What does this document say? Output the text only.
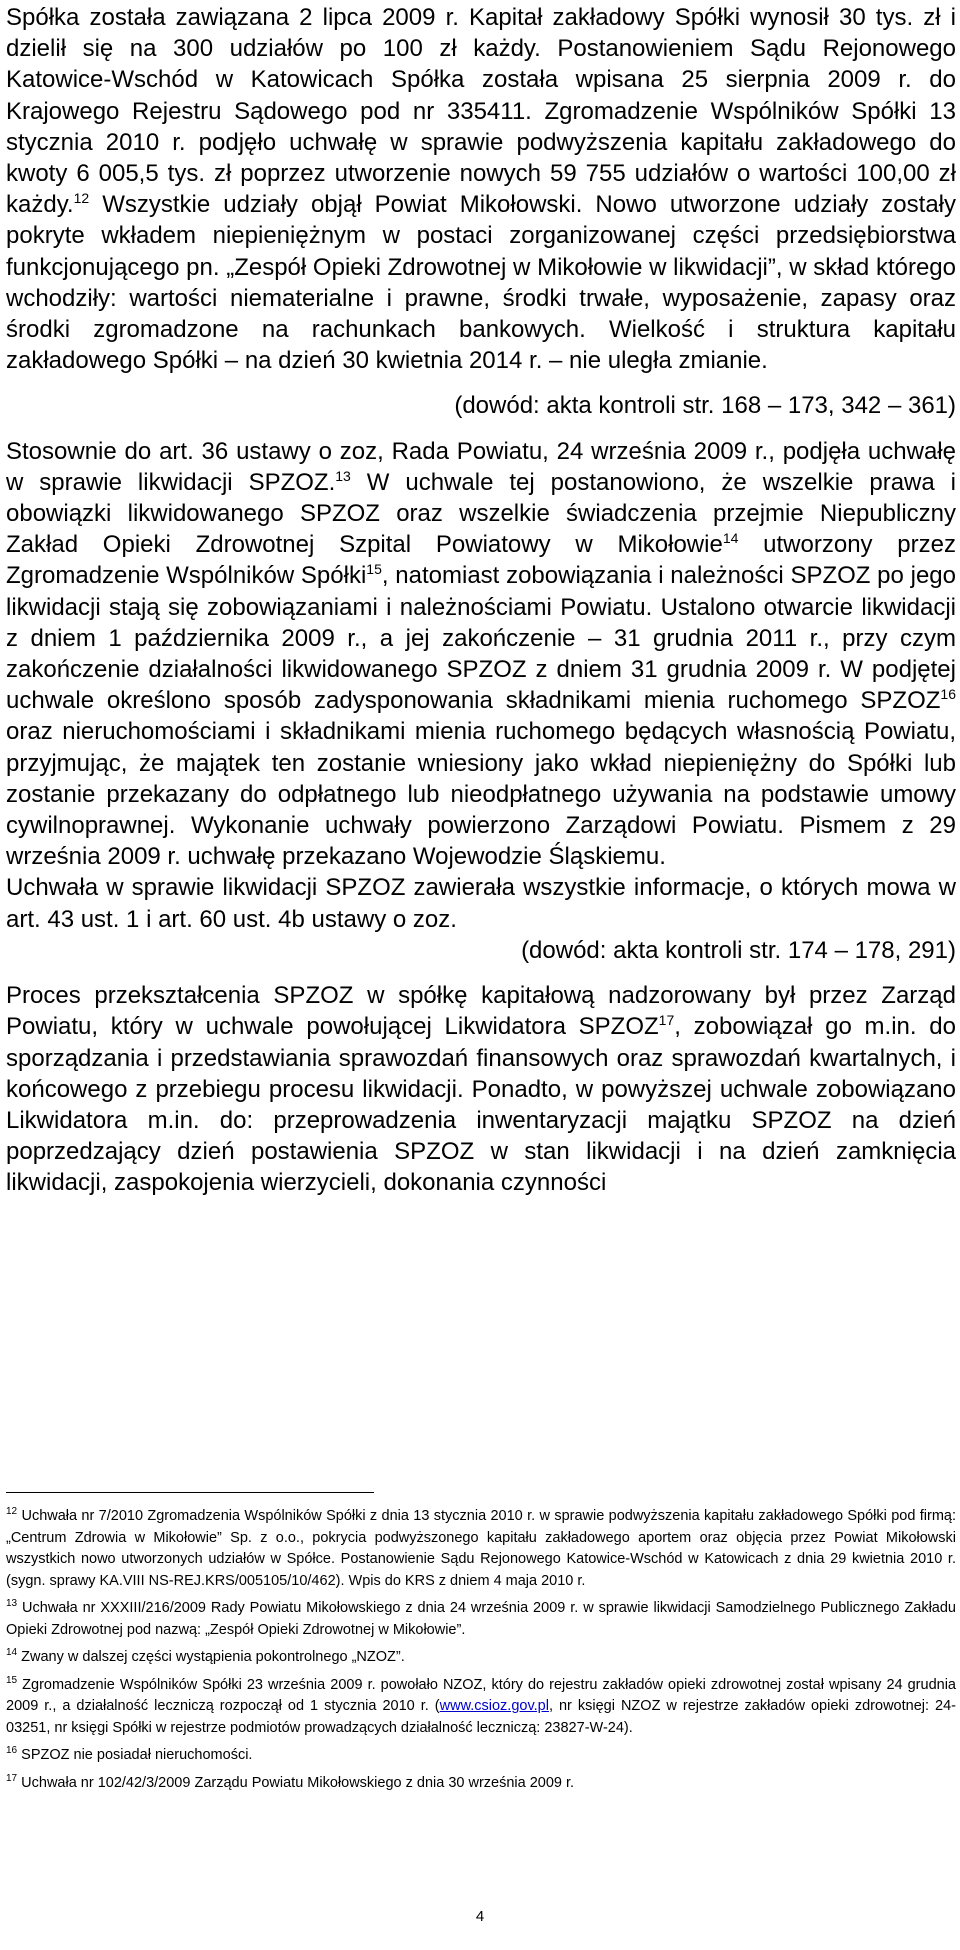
Spółka została zawiązana 2 lipca 2009 r. Kapitał zakładowy Spółki wynosił 30 tys. zł i dzielił się na 300 udziałów po 100 zł każdy. Postanowieniem Sądu Rejonowego Katowice-Wschód w Katowicach Spółka została wpisana 25 sierpnia 2009 r. do Krajowego Rejestru Sądowego pod nr 335411. Zgromadzenie Wspólników Spółki 13 stycznia 2010 r. podjęło uchwałę w sprawie podwyższenia kapitału zakładowego do kwoty 6 005,5 tys. zł poprzez utworzenie nowych 59 755 udziałów o wartości 100,00 zł każdy.$^{12}$ Wszystkie udziały objął Powiat Mikołowski. Nowo utworzone udziały zostały pokryte wkładem niepieniężnym w postaci zorganizowanej części przedsiębiorstwa funkcjonującego pn. „Zespół Opieki Zdrowotnej w Mikołowie w likwidacji”, w skład którego wchodziły: wartości niematerialne i prawne, środki trwałe, wyposażenie, zapasy oraz środki zgromadzone na rachunkach bankowych. Wielkość i struktura kapitału zakładowego Spółki – na dzień 30 kwietnia 2014 r. – nie uległa zmianie.

(dowód: akta kontroli str. 168 – 173, 342 – 361)

Stosownie do art. 36 ustawy o zoz, Rada Powiatu, 24 września 2009 r., podjęła uchwałę w sprawie likwidacji SPZOZ.$^{13}$ W uchwale tej postanowiono, że wszelkie prawa i obowiązki likwidowanego SPZOZ oraz wszelkie świadczenia przejmie Niepubliczny Zakład Opieki Zdrowotnej Szpital Powiatowy w Mikołowie$^{14}$ utworzony przez Zgromadzenie Wspólników Spółki$^{15}$, natomiast zobowiązania i należności SPZOZ po jego likwidacji stają się zobowiązaniami i należnościami Powiatu. Ustalono otwarcie likwidacji z dniem 1 października 2009 r., a jej zakończenie – 31 grudnia 2011 r., przy czym zakończenie działalności likwidowanego SPZOZ z dniem 31 grudnia 2009 r. W podjętej uchwale określono sposób zadysponowania składnikami mienia ruchomego SPZOZ$^{16}$ oraz nieruchomościami i składnikami mienia ruchomego będących własnością Powiatu, przyjmując, że majątek ten zostanie wniesiony jako wkład niepieniężny do Spółki lub zostanie przekazany do odpłatnego lub nieodpłatnego używania na podstawie umowy cywilnoprawnej. Wykonanie uchwały powierzono Zarządowi Powiatu. Pismem z 29 września 2009 r. uchwałę przekazano Wojewodzie Śląskiemu.

Uchwała w sprawie likwidacji SPZOZ zawierała wszystkie informacje, o których mowa w art. 43 ust. 1 i art. 60 ust. 4b ustawy o zoz.

(dowód: akta kontroli str. 174 – 178, 291)

Proces przekształcenia SPZOZ w spółkę kapitałową nadzorowany był przez Zarząd Powiatu, który w uchwale powołującej Likwidatora SPZOZ$^{17}$, zobowiązał go m.in. do sporządzania i przedstawiania sprawozdań finansowych oraz sprawozdań kwartalnych, i końcowego z przebiegu procesu likwidacji. Ponadto, w powyższej uchwale zobowiązano Likwidatora m.in. do: przeprowadzenia inwentaryzacji majątku SPZOZ na dzień poprzedzający dzień postawienia SPZOZ w stan likwidacji i na dzień zamknięcia likwidacji, zaspokojenia wierzycieli, dokonania czynności

$^{12}$ Uchwała nr 7/2010 Zgromadzenia Wspólników Spółki z dnia 13 stycznia 2010 r. w sprawie podwyższenia kapitału zakładowego Spółki pod firmą: „Centrum Zdrowia w Mikołowie” Sp. z o.o., pokrycia podwyższonego kapitału zakładowego aportem oraz objęcia przez Powiat Mikołowski wszystkich nowo utworzonych udziałów w Spółce. Postanowienie Sądu Rejonowego Katowice-Wschód w Katowicach z dnia 29 kwietnia 2010 r. (sygn. sprawy KA.VIII NS-REJ.KRS/005105/10/462). Wpis do KRS z dniem 4 maja 2010 r.

$^{13}$ Uchwała nr XXXIII/216/2009 Rady Powiatu Mikołowskiego z dnia 24 września 2009 r. w sprawie likwidacji Samodzielnego Publicznego Zakładu Opieki Zdrowotnej pod nazwą: „Zespół Opieki Zdrowotnej w Mikołowie”.

$^{14}$ Zwany w dalszej części wystąpienia pokontrolnego „NZOZ”.

$^{15}$ Zgromadzenie Wspólników Spółki 23 września 2009 r. powołało NZOZ, który do rejestru zakładów opieki zdrowotnej został wpisany 24 grudnia 2009 r., a działalność leczniczą rozpoczął od 1 stycznia 2010 r. (www.csioz.gov.pl, nr księgi NZOZ w rejestrze zakładów opieki zdrowotnej: 24-03251, nr księgi Spółki w rejestrze podmiotów prowadzących działalność leczniczą: 23827-W-24).

$^{16}$ SPZOZ nie posiadał nieruchomości.

$^{17}$ Uchwała nr 102/42/3/2009 Zarządu Powiatu Mikołowskiego z dnia 30 września 2009 r.

4
